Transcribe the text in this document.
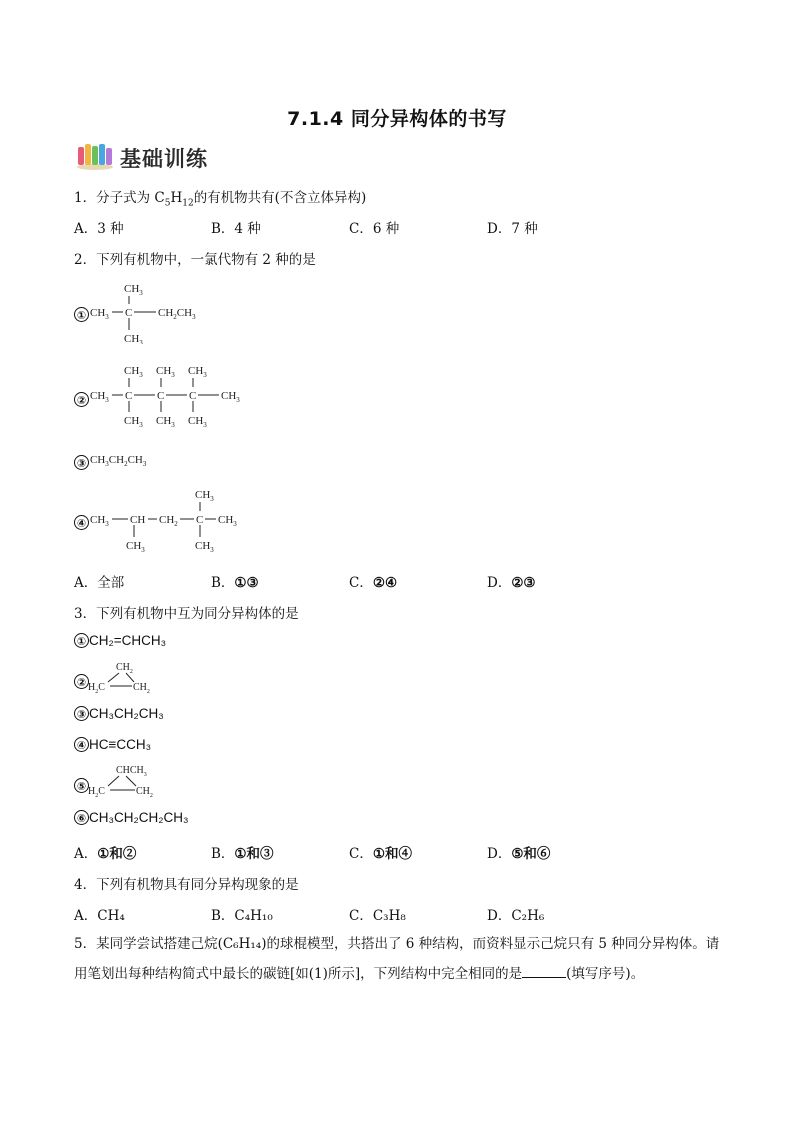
7.1.4 同分异构体的书写
基础训练
1．分子式为 $C_5H_{12}$的有机物共有(不含立体异构)
A．3 种	B．4 种	C．6 种	D．7 种
2．下列有机物中，一氯代物有 2 种的是
①
$CH_3$
$CH_3$ C $CH_2CH_3$
$CH_3$
②
$CH_3$ $CH_3$ $CH_3$
$CH_3$ C C C $CH_3$
$CH_3$ $CH_3$ $CH_3$
③ $CH_3CH_2CH_3$
④
$CH_3$
$CH_3$ CH $CH_2$ C $CH_3$
$CH_3$	$CH_3$
A．全部	B．①③	C．②④	D．②③
3．下列有机物中互为同分异构体的是
① CH₂=CHCH₃
②
$CH_2$
$H_2C$	$CH_2$
③ CH₃CH₂CH₃
④ HC≡CCH₃
⑤
$CHCH_3$
$H_2C$	$CH_2$
⑥ CH₃CH₂CH₂CH₃
A．①和②	B．①和③	C．①和④	D．⑤和⑥
4．下列有机物具有同分异构现象的是
A．CH₄	B．C₄H₁₀	C．C₃H₈	D．C₂H₆
5．某同学尝试搭建己烷(C₆H₁₄)的球棍模型，共搭出了 6 种结构，而资料显示己烷只有 5 种同分异构体。请
用笔划出每种结构简式中最长的碳链[如(1)所示]，下列结构中完全相同的是	(填写序号)。
